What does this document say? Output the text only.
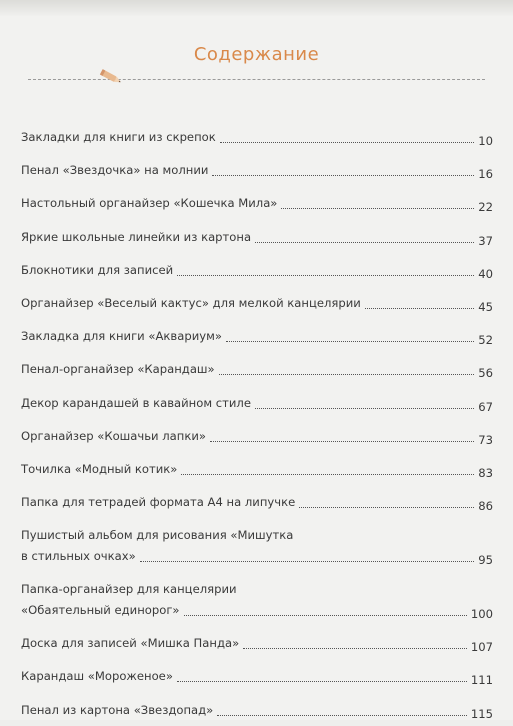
Содержание
Закладки для книги из скрепок	10
Пенал «Звездочка» на молнии	16
Настольный органайзер «Кошечка Мила»	22
Яркие школьные линейки из картона	37
Блокнотики для записей	40
Органайзер «Веселый кактус» для мелкой канцелярии	45
Закладка для книги «Аквариум»	52
Пенал-органайзер «Карандаш»	56
Декор карандашей в кавайном стиле	67
Органайзер «Кошачьи лапки»	73
Точилка «Модный котик»	83
Папка для тетрадей формата А4 на липучке	86
Пушистый альбом для рисования «Мишутка
в стильных очках»	95
Папка-органайзер для канцелярии
«Обаятельный единорог»	100
Доска для записей «Мишка Панда»	107
Карандаш «Мороженое»	111
Пенал из картона «Звездопад»	115
